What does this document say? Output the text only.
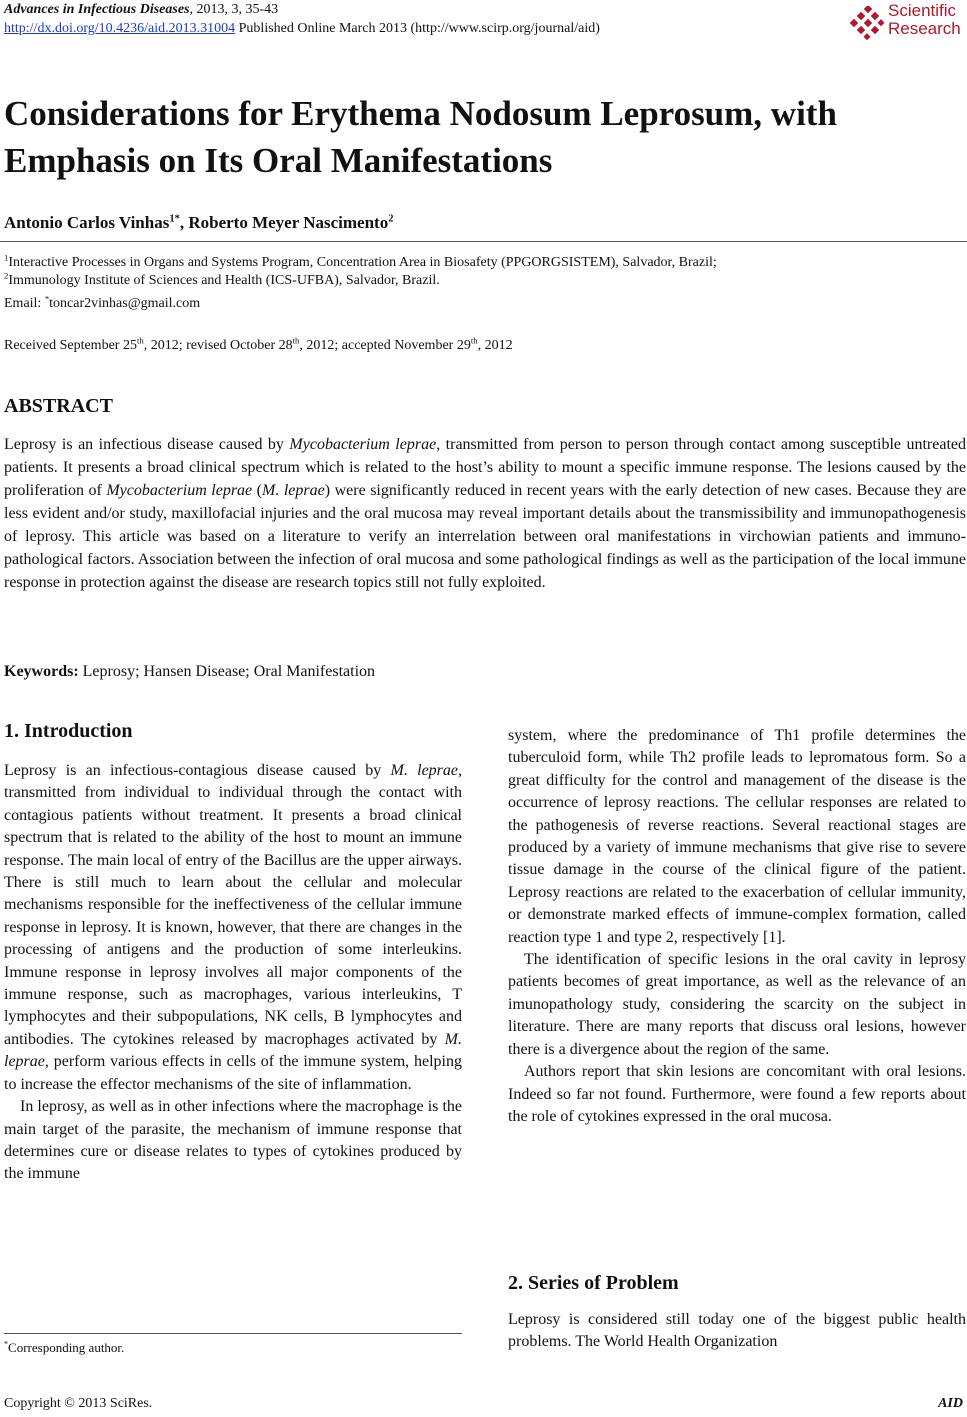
Advances in Infectious Diseases, 2013, 3, 35-43
http://dx.doi.org/10.4236/aid.2013.31004 Published Online March 2013 (http://www.scirp.org/journal/aid)
Scientific
Research
Considerations for Erythema Nodosum Leprosum, with Emphasis on Its Oral Manifestations
Antonio Carlos Vinhas$^{1*}$, Roberto Meyer Nascimento$^2$
$^1$Interactive Processes in Organs and Systems Program, Concentration Area in Biosafety (PPGORGSISTEM), Salvador, Brazil;
$^2$Immunology Institute of Sciences and Health (ICS-UFBA), Salvador, Brazil.
Email: *toncar2vinhas@gmail.com
Received September 25th, 2012; revised October 28th, 2012; accepted November 29th, 2012
ABSTRACT
Leprosy is an infectious disease caused by Mycobacterium leprae, transmitted from person to person through contact among susceptible untreated patients. It presents a broad clinical spectrum which is related to the host’s ability to mount a specific immune response. The lesions caused by the proliferation of Mycobacterium leprae (M. leprae) were significantly reduced in recent years with the early detection of new cases. Because they are less evident and/or study, maxillofacial injuries and the oral mucosa may reveal important details about the transmissibility and immunopathogenesis of leprosy. This article was based on a literature to verify an interrelation between oral manifestations in virchowian patients and immuno-pathological factors. Association between the infection of oral mucosa and some pathological findings as well as the participation of the local immune response in protection against the disease are research topics still not fully exploited.
Keywords: Leprosy; Hansen Disease; Oral Manifestation
1. Introduction

Leprosy is an infectious-contagious disease caused by M. leprae, transmitted from individual to individual through the contact with contagious patients without treatment. It presents a broad clinical spectrum that is related to the ability of the host to mount an immune response. The main local of entry of the Bacillus are the upper airways. There is still much to learn about the cellular and molecular mechanisms responsible for the ineffectiveness of the cellular immune response in leprosy. It is known, however, that there are changes in the processing of antigens and the production of some interleukins. Immune response in leprosy involves all major components of the immune response, such as macrophages, various interleukins, T lymphocytes and their subpopulations, NK cells, B lymphocytes and antibodies. The cytokines released by macrophages activated by M. leprae, perform various effects in cells of the immune system, helping to increase the effector mechanisms of the site of inflammation.

In leprosy, as well as in other infections where the macrophage is the main target of the parasite, the mechanism of immune response that determines cure or disease relates to types of cytokines produced by the immune

system, where the predominance of Th1 profile determines the tuberculoid form, while Th2 profile leads to lepromatous form. So a great difficulty for the control and management of the disease is the occurrence of leprosy reactions. The cellular responses are related to the pathogenesis of reverse reactions. Several reactional stages are produced by a variety of immune mechanisms that give rise to severe tissue damage in the course of the clinical figure of the patient. Leprosy reactions are related to the exacerbation of cellular immunity, or demonstrate marked effects of immune-complex formation, called reaction type 1 and type 2, respectively [1].

The identification of specific lesions in the oral cavity in leprosy patients becomes of great importance, as well as the relevance of an imunopathology study, considering the scarcity on the subject in literature. There are many reports that discuss oral lesions, however there is a divergence about the region of the same.

Authors report that skin lesions are concomitant with oral lesions. Indeed so far not found. Furthermore, were found a few reports about the role of cytokines expressed in the oral mucosa.

2. Series of Problem
Leprosy is considered still today one of the biggest public health problems. The World Health Organization
*Corresponding author.
Copyright © 2013 SciRes.	AID
